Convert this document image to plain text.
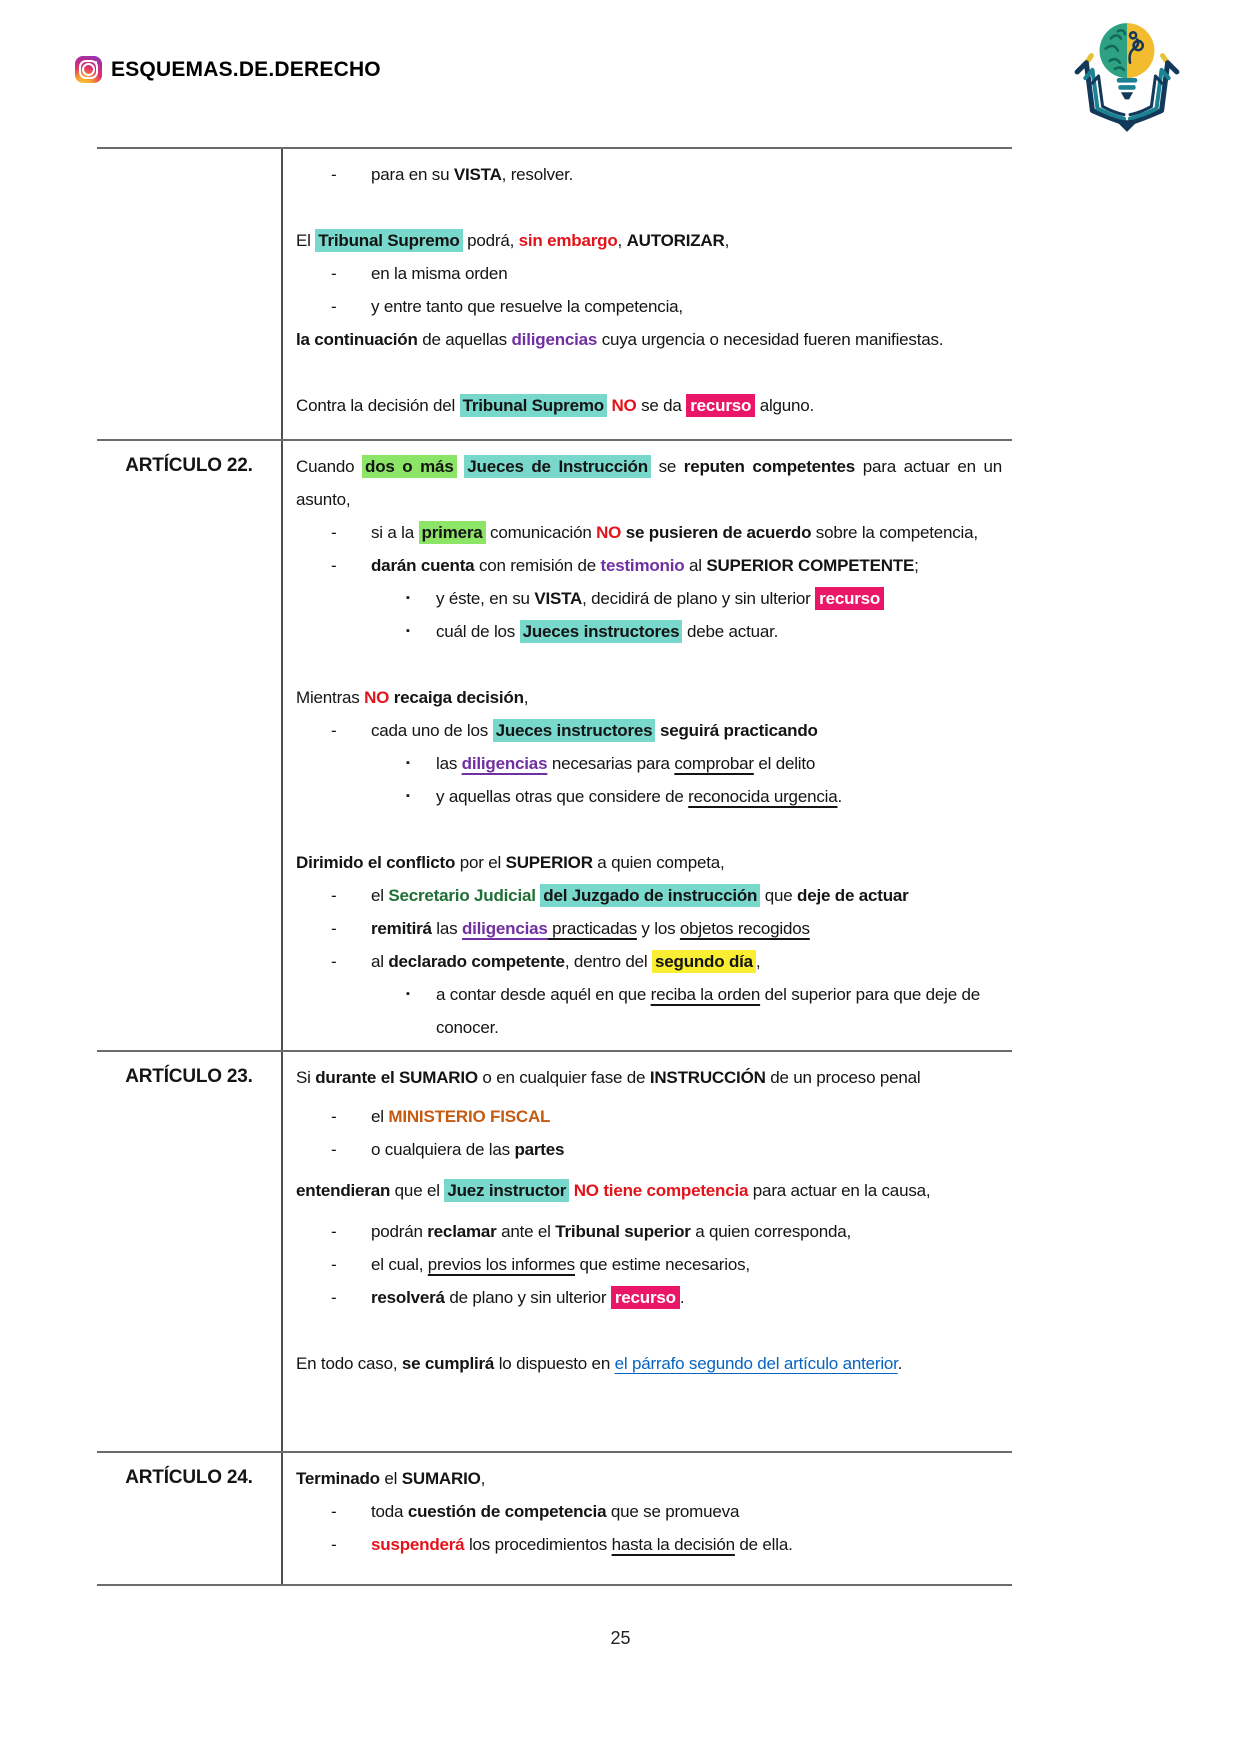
ESQUEMAS.DE.DERECHO
- para en su VISTA, resolver.
El Tribunal Supremo podrá, sin embargo, AUTORIZAR,
- en la misma orden
- y entre tanto que resuelve la competencia,
la continuación de aquellas diligencias cuya urgencia o necesidad fueren manifiestas.
Contra la decisión del Tribunal Supremo NO se da recurso alguno.
ARTÍCULO 22.	Cuando dos o más Jueces de Instrucción se reputen competentes para actuar en un asunto,
- si a la primera comunicación NO se pusieren de acuerdo sobre la competencia,
- darán cuenta con remisión de testimonio al SUPERIOR COMPETENTE;
▪ y éste, en su VISTA, decidirá de plano y sin ulterior recurso
▪ cuál de los Jueces instructores debe actuar.
Mientras NO recaiga decisión,
- cada uno de los Jueces instructores seguirá practicando
▪ las diligencias necesarias para comprobar el delito
▪ y aquellas otras que considere de reconocida urgencia.
Dirimido el conflicto por el SUPERIOR a quien competa,
- el Secretario Judicial del Juzgado de instrucción que deje de actuar
- remitirá las diligencias practicadas y los objetos recogidos
- al declarado competente, dentro del segundo día ,
▪ a contar desde aquél en que reciba la orden del superior para que deje de conocer.
ARTÍCULO 23.	Si durante el SUMARIO o en cualquier fase de INSTRUCCIÓN de un proceso penal
- el MINISTERIO FISCAL
- o cualquiera de las partes
entendieran que el Juez instructor NO tiene competencia para actuar en la causa,
- podrán reclamar ante el Tribunal superior a quien corresponda,
- el cual, previos los informes que estime necesarios,
- resolverá de plano y sin ulterior recurso .
En todo caso, se cumplirá lo dispuesto en el párrafo segundo del artículo anterior.
ARTÍCULO 24.	Terminado el SUMARIO,
- toda cuestión de competencia que se promueva
- suspenderá los procedimientos hasta la decisión de ella.
25
